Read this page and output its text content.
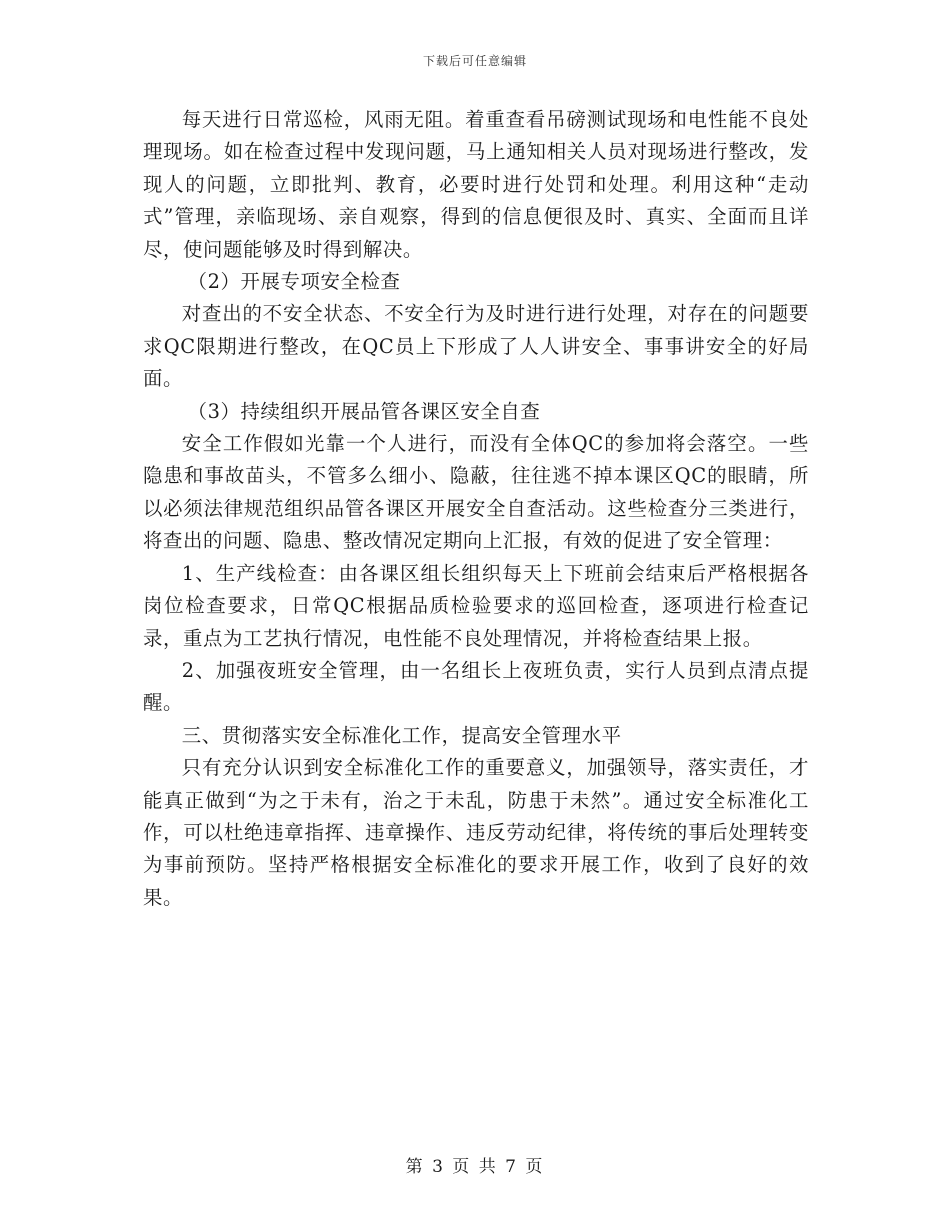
下载后可任意编辑

每天进行日常巡检，风雨无阻。着重查看吊磅测试现场和电性能不良处理现场。如在检查过程中发现问题，马上通知相关人员对现场进行整改，发现人的问题，立即批判、教育，必要时进行处罚和处理。利用这种“走动式”管理，亲临现场、亲自观察，得到的信息便很及时、真实、全面而且详尽，使问题能够及时得到解决。

（2）开展专项安全检查

对查出的不安全状态、不安全行为及时进行进行处理，对存在的问题要求QC限期进行整改，在QC员上下形成了人人讲安全、事事讲安全的好局面。

（3）持续组织开展品管各课区安全自查

安全工作假如光靠一个人进行，而没有全体QC的参加将会落空。一些隐患和事故苗头，不管多么细小、隐蔽，往往逃不掉本课区QC的眼睛，所以必须法律规范组织品管各课区开展安全自查活动。这些检查分三类进行，将查出的问题、隐患、整改情况定期向上汇报，有效的促进了安全管理：

1、生产线检查：由各课区组长组织每天上下班前会结束后严格根据各岗位检查要求，日常QC根据品质检验要求的巡回检查，逐项进行检查记录，重点为工艺执行情况，电性能不良处理情况，并将检查结果上报。

2、加强夜班安全管理，由一名组长上夜班负责，实行人员到点清点提醒。

三、贯彻落实安全标准化工作，提高安全管理水平

只有充分认识到安全标准化工作的重要意义，加强领导，落实责任，才能真正做到“为之于未有，治之于未乱，防患于未然”。通过安全标准化工作，可以杜绝违章指挥、违章操作、违反劳动纪律，将传统的事后处理转变为事前预防。坚持严格根据安全标准化的要求开展工作，收到了良好的效果。

第 3 页 共 7 页
